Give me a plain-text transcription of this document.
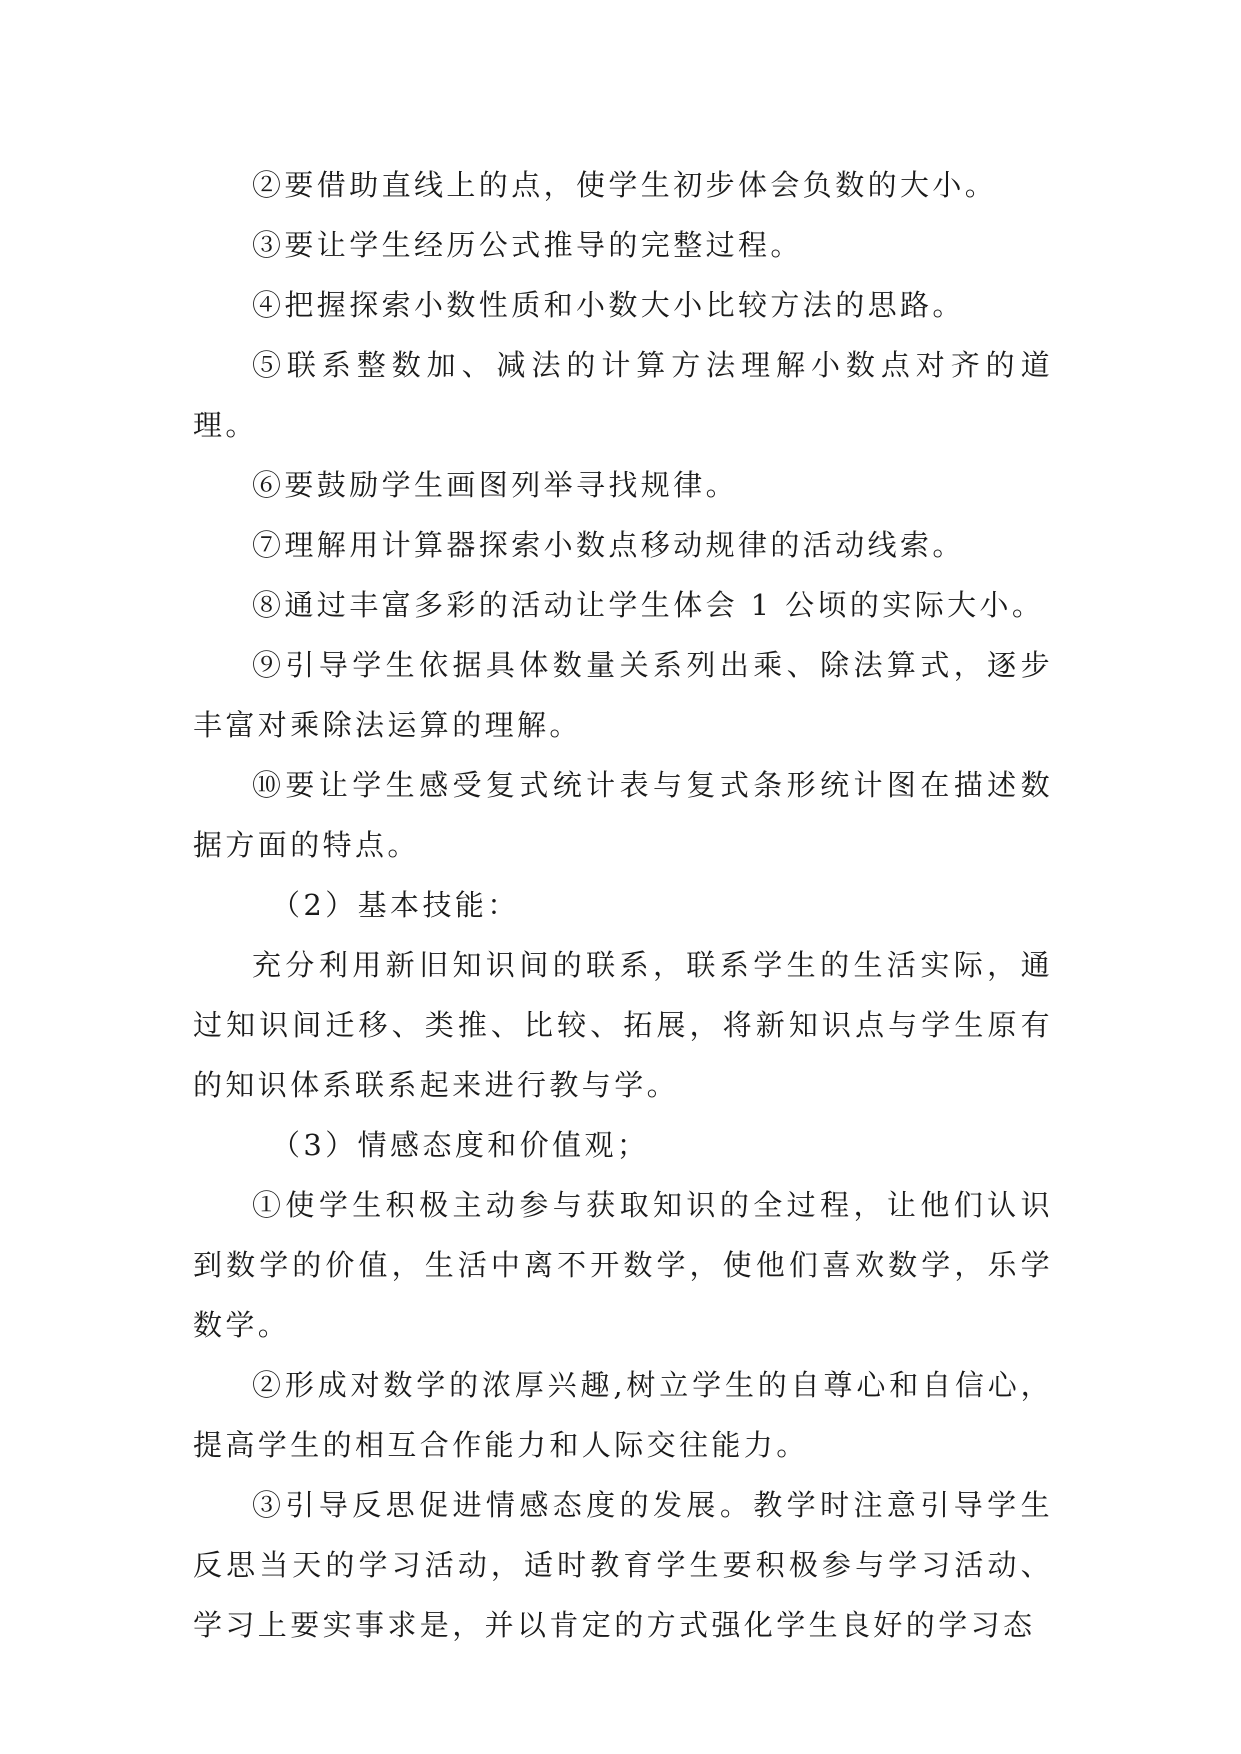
②要借助直线上的点，使学生初步体会负数的大小。

③要让学生经历公式推导的完整过程。

④把握探索小数性质和小数大小比较方法的思路。

⑤联系整数加、减法的计算方法理解小数点对齐的道理。

⑥要鼓励学生画图列举寻找规律。

⑦理解用计算器探索小数点移动规律的活动线索。

⑧通过丰富多彩的活动让学生体会 1 公顷的实际大小。

⑨引导学生依据具体数量关系列出乘、除法算式，逐步丰富对乘除法运算的理解。

⑩要让学生感受复式统计表与复式条形统计图在描述数据方面的特点。

（2）基本技能：

充分利用新旧知识间的联系，联系学生的生活实际，通过知识间迁移、类推、比较、拓展，将新知识点与学生原有的知识体系联系起来进行教与学。

（3）情感态度和价值观；

①使学生积极主动参与获取知识的全过程，让他们认识到数学的价值，生活中离不开数学，使他们喜欢数学，乐学数学。

②形成对数学的浓厚兴趣,树立学生的自尊心和自信心，提高学生的相互合作能力和人际交往能力。

③引导反思促进情感态度的发展。教学时注意引导学生反思当天的学习活动，适时教育学生要积极参与学习活动、学习上要实事求是，并以肯定的方式强化学生良好的学习态
